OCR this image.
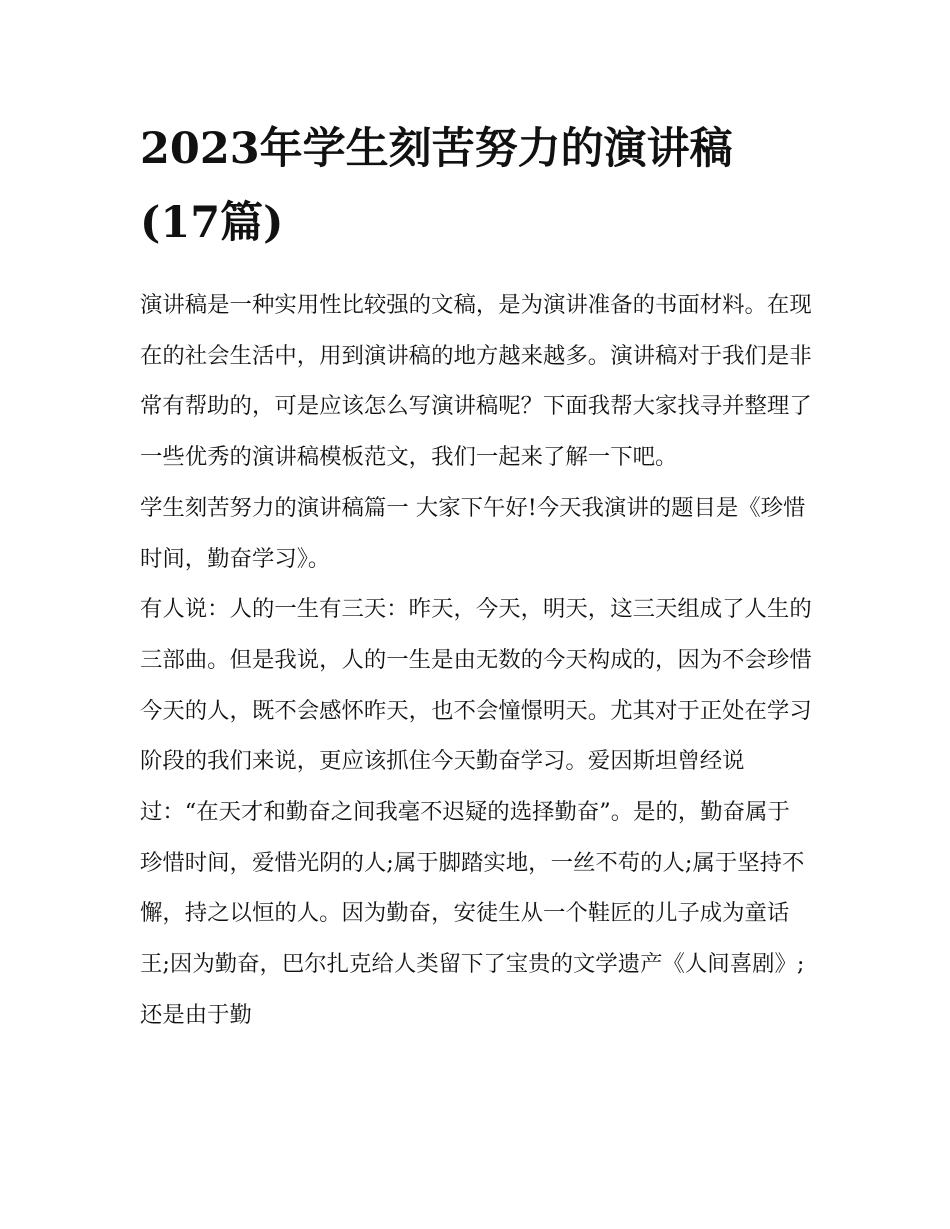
2023年学生刻苦努力的演讲稿(17篇)

演讲稿是一种实用性比较强的文稿，是为演讲准备的书面材料。在现在的社会生活中，用到演讲稿的地方越来越多。演讲稿对于我们是非常有帮助的，可是应该怎么写演讲稿呢？下面我帮大家找寻并整理了一些优秀的演讲稿模板范文，我们一起来了解一下吧。

学生刻苦努力的演讲稿篇一 大家下午好!今天我演讲的题目是《珍惜时间，勤奋学习》。

有人说：人的一生有三天：昨天，今天，明天，这三天组成了人生的三部曲。但是我说，人的一生是由无数的今天构成的，因为不会珍惜今天的人，既不会感怀昨天，也不会憧憬明天。尤其对于正处在学习阶段的我们来说，更应该抓住今天勤奋学习。爱因斯坦曾经说过：“在天才和勤奋之间我毫不迟疑的选择勤奋”。是的，勤奋属于珍惜时间，爱惜光阴的人;属于脚踏实地，一丝不苟的人;属于坚持不懈，持之以恒的人。因为勤奋，安徒生从一个鞋匠的儿子成为童话王;因为勤奋，巴尔扎克给人类留下了宝贵的文学遗产《人间喜剧》;还是由于勤
